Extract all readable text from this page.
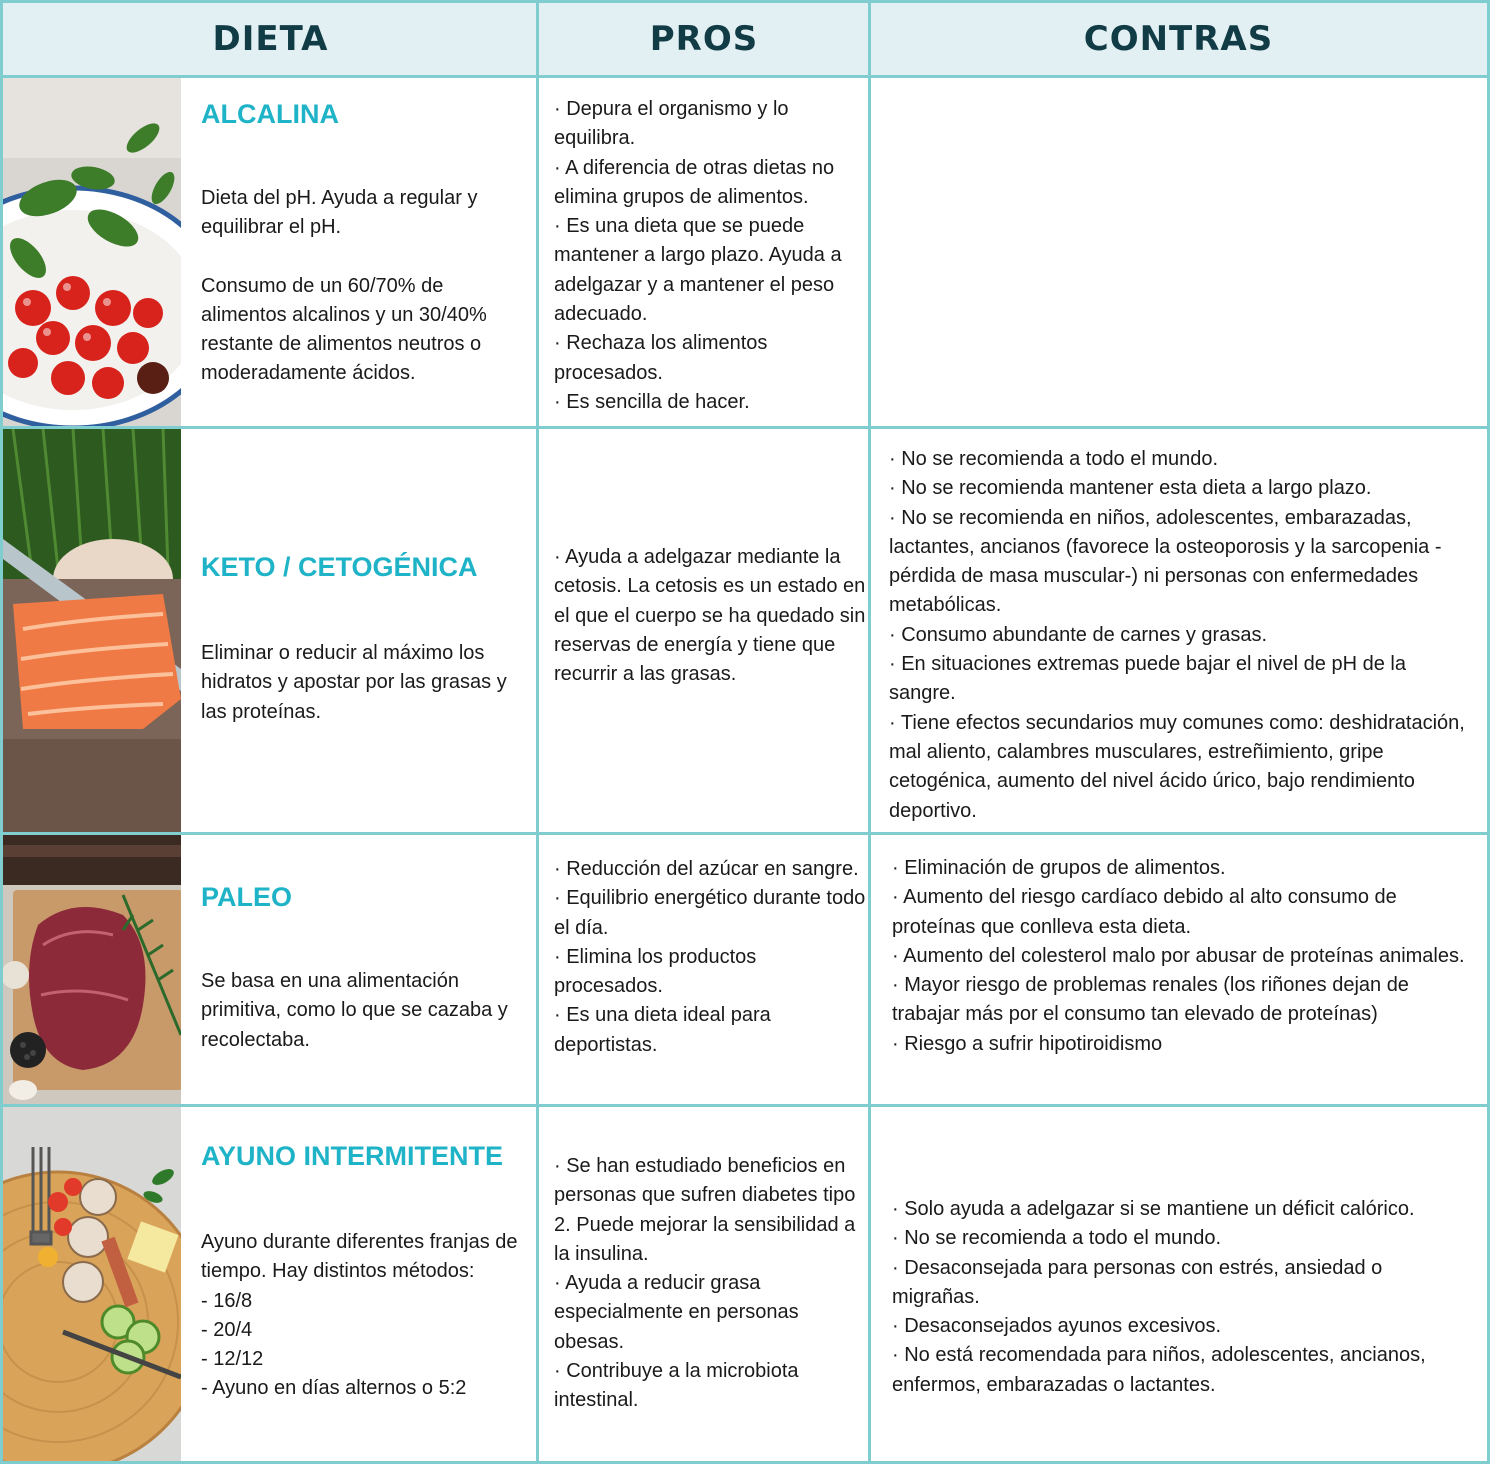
DIETA	PROS	CONTRAS
ALCALINA

Dieta del pH. Ayuda a regular y equilibrar el pH.

Consumo de un 60/70% de alimentos alcalinos y un 30/40% restante de alimentos neutros o moderadamente ácidos.

· Depura el organismo y lo equilibra.
· A diferencia de otras dietas no elimina grupos de alimentos.
· Es una dieta que se puede mantener a largo plazo. Ayuda a adelgazar y a mantener el peso adecuado.
· Rechaza los alimentos procesados.
· Es sencilla de hacer.
KETO / CETOGÉNICA

Eliminar o reducir al máximo los hidratos y apostar por las grasas y las proteínas.

· Ayuda a adelgazar mediante la cetosis. La cetosis es un estado en el que el cuerpo se ha quedado sin reservas de energía y tiene que recurrir a las grasas.
· No se recomienda a todo el mundo.
· No se recomienda mantener esta dieta a largo plazo.
· No se recomienda en niños, adolescentes, embarazadas, lactantes, ancianos (favorece la osteoporosis y la sarcopenia -pérdida de masa muscular-) ni personas con enfermedades metabólicas.
· Consumo abundante de carnes y grasas.
· En situaciones extremas puede bajar el nivel de pH de la sangre.
· Tiene efectos secundarios muy comunes como: deshidratación, mal aliento, calambres musculares, estreñimiento, gripe cetogénica, aumento del nivel ácido úrico, bajo rendimiento deportivo.
PALEO

Se basa en una alimentación primitiva, como lo que se cazaba y recolectaba.

· Reducción del azúcar en sangre.
· Equilibrio energético durante todo el día.
· Elimina los productos procesados.
· Es una dieta ideal para deportistas.
· Eliminación de grupos de alimentos.
· Aumento del riesgo cardíaco debido al alto consumo de proteínas que conlleva esta dieta.
· Aumento del colesterol malo por abusar de proteínas animales.
· Mayor riesgo de problemas renales (los riñones dejan de trabajar más por el consumo tan elevado de proteínas)
· Riesgo a sufrir hipotiroidismo
AYUNO INTERMITENTE

Ayuno durante diferentes franjas de tiempo. Hay distintos métodos:

- 16/8

- 20/4

- 12/12

- Ayuno en días alternos o 5:2

· Se han estudiado beneficios en personas que sufren diabetes tipo 2. Puede mejorar la sensibilidad a la insulina.
· Ayuda a reducir grasa especialmente en personas obesas.
· Contribuye a la microbiota intestinal.
· Solo ayuda a adelgazar si se mantiene un déficit calórico.
· No se recomienda a todo el mundo.
· Desaconsejada para personas con estrés, ansiedad o migrañas.
· Desaconsejados ayunos excesivos.
· No está recomendada para niños, adolescentes, ancianos, enfermos, embarazadas o lactantes.
